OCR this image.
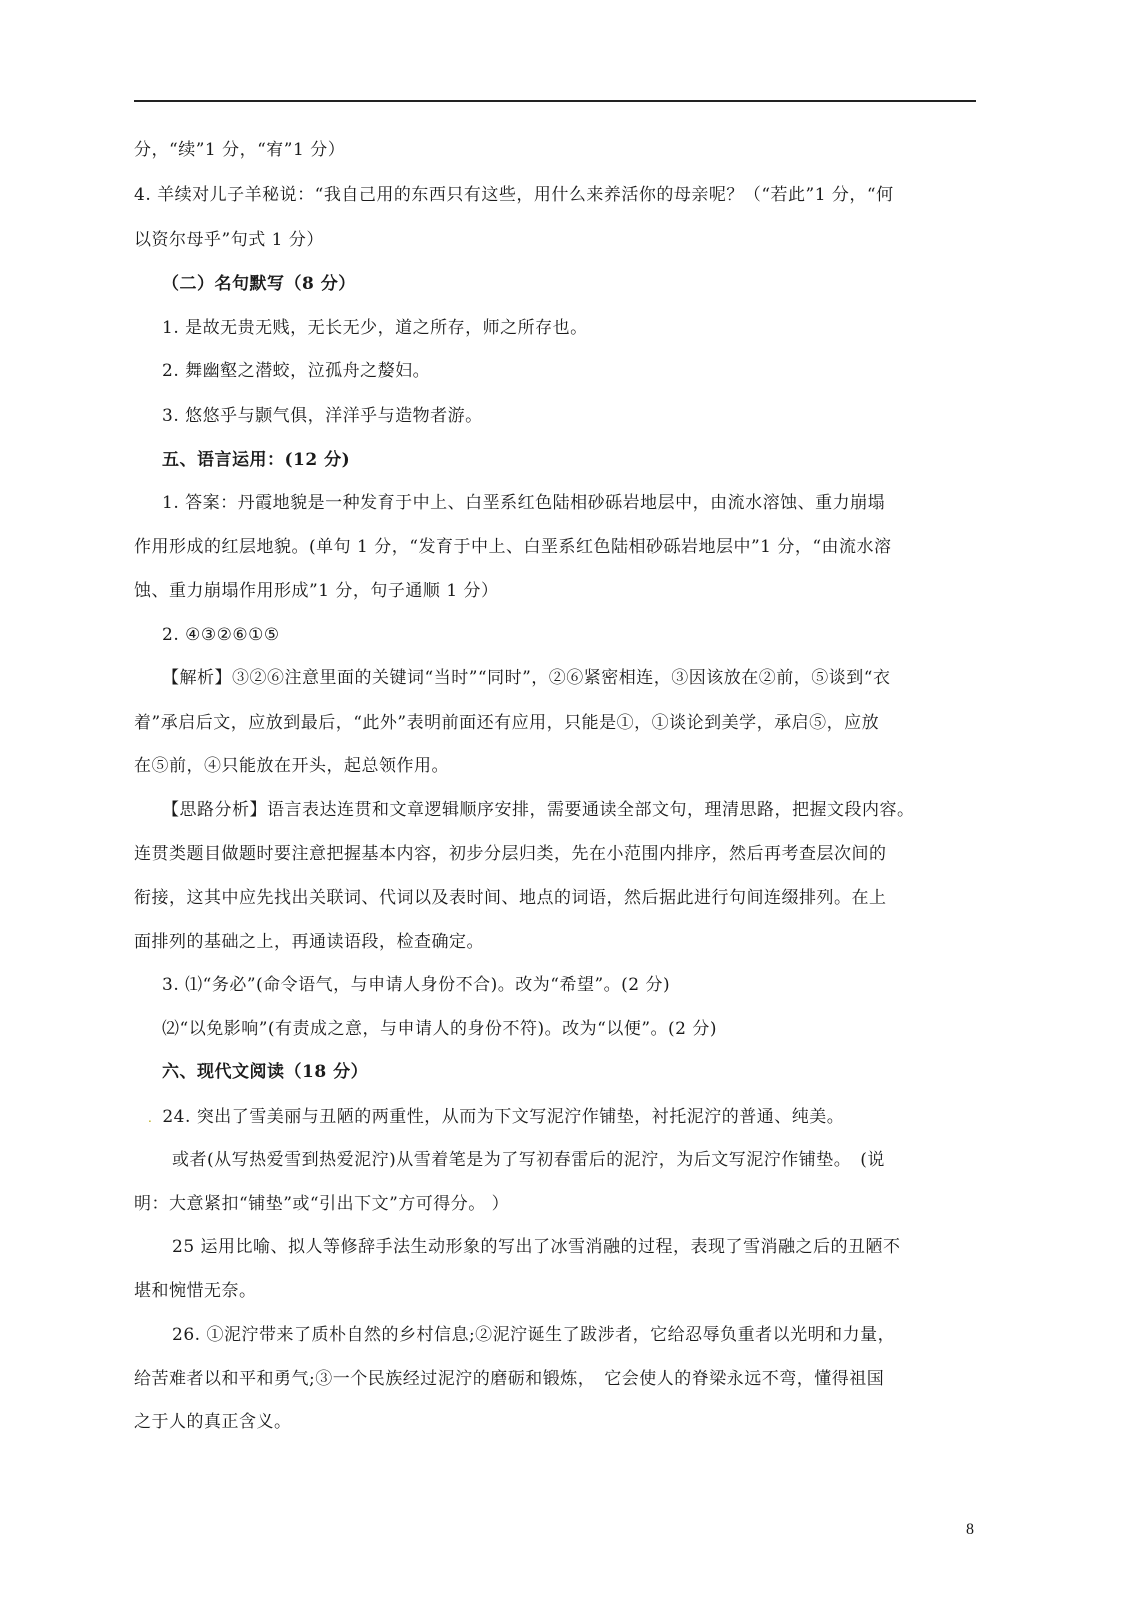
分，“续”1 分，“宥”1 分）
4. 羊续对儿子羊秘说：“我自己用的东西只有这些，用什么来养活你的母亲呢？（“若此”1 分，“何
以资尔母乎”句式 1 分）
（二）名句默写（8 分）
1. 是故无贵无贱，无长无少，道之所存，师之所存也。
2. 舞幽壑之潜蛟，泣孤舟之嫠妇。
3. 悠悠乎与颢气俱，洋洋乎与造物者游。
五、语言运用：(12 分)
1. 答案：丹霞地貌是一种发育于中上、白垩系红色陆相砂砾岩地层中，由流水溶蚀、重力崩塌
作用形成的红层地貌。(单句 1 分，“发育于中上、白垩系红色陆相砂砾岩地层中”1 分，“由流水溶
蚀、重力崩塌作用形成”1 分，句子通顺 1 分）
2. ④③②⑥①⑤
【解析】③②⑥注意里面的关键词“当时”“同时”，②⑥紧密相连，③因该放在②前，⑤谈到“衣
着”承启后文，应放到最后，“此外”表明前面还有应用，只能是①，①谈论到美学，承启⑤，应放
在⑤前，④只能放在开头，起总领作用。
【思路分析】语言表达连贯和文章逻辑顺序安排，需要通读全部文句，理清思路，把握文段内容。
连贯类题目做题时要注意把握基本内容，初步分层归类，先在小范围内排序，然后再考查层次间的
衔接，这其中应先找出关联词、代词以及表时间、地点的词语，然后据此进行句间连缀排列。在上
面排列的基础之上，再通读语段，检查确定。
3. ⑴“务必”(命令语气，与申请人身份不合)。改为“希望”。(2 分)
⑵“以免影响”(有责成之意，与申请人的身份不符)。改为“以便”。(2 分)
六、现代文阅读（18 分）
. 24. 突出了雪美丽与丑陋的两重性，从而为下文写泥泞作铺垫，衬托泥泞的普通、纯美。
或者(从写热爱雪到热爱泥泞)从雪着笔是为了写初春雷后的泥泞，为后文写泥泞作铺垫。　(说
明：大意紧扣“铺垫”或“引出下文”方可得分。 ）
25 运用比喻、拟人等修辞手法生动形象的写出了冰雪消融的过程，表现了雪消融之后的丑陋不
堪和惋惜无奈。
26. ①泥泞带来了质朴自然的乡村信息;②泥泞诞生了跋涉者，它给忍辱负重者以光明和力量，
给苦难者以和平和勇气;③一个民族经过泥泞的磨砺和锻炼，　它会使人的脊梁永远不弯，懂得祖国
之于人的真正含义。
8
